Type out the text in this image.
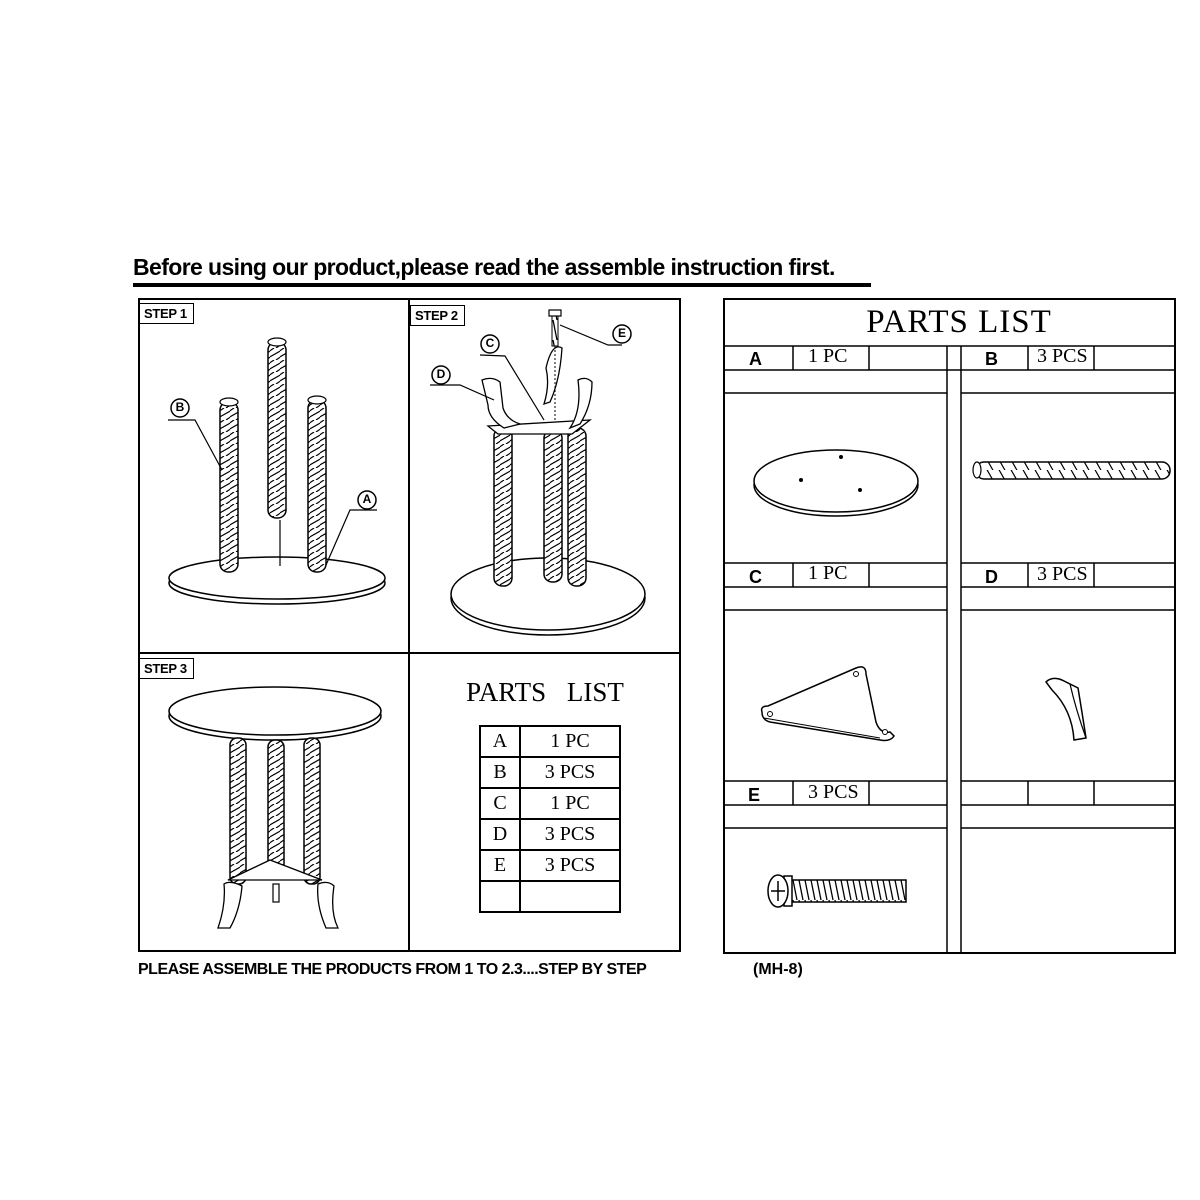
Before using our product,please read the assemble instruction first.
STEP 1	STEP 2
STEP 3
B
A
C
D
E
PARTS LIST
A	1 PC
B	3 PCS
C	1 PC
D	3 PCS
E	3 PCS

PARTS LIST
A 1 PC	B 3 PCS
C 1 PC	D 3 PCS
E 3 PCS
PLEASE ASSEMBLE THE PRODUCTS FROM 1 TO 2.3....STEP BY STEP	(MH-8)
